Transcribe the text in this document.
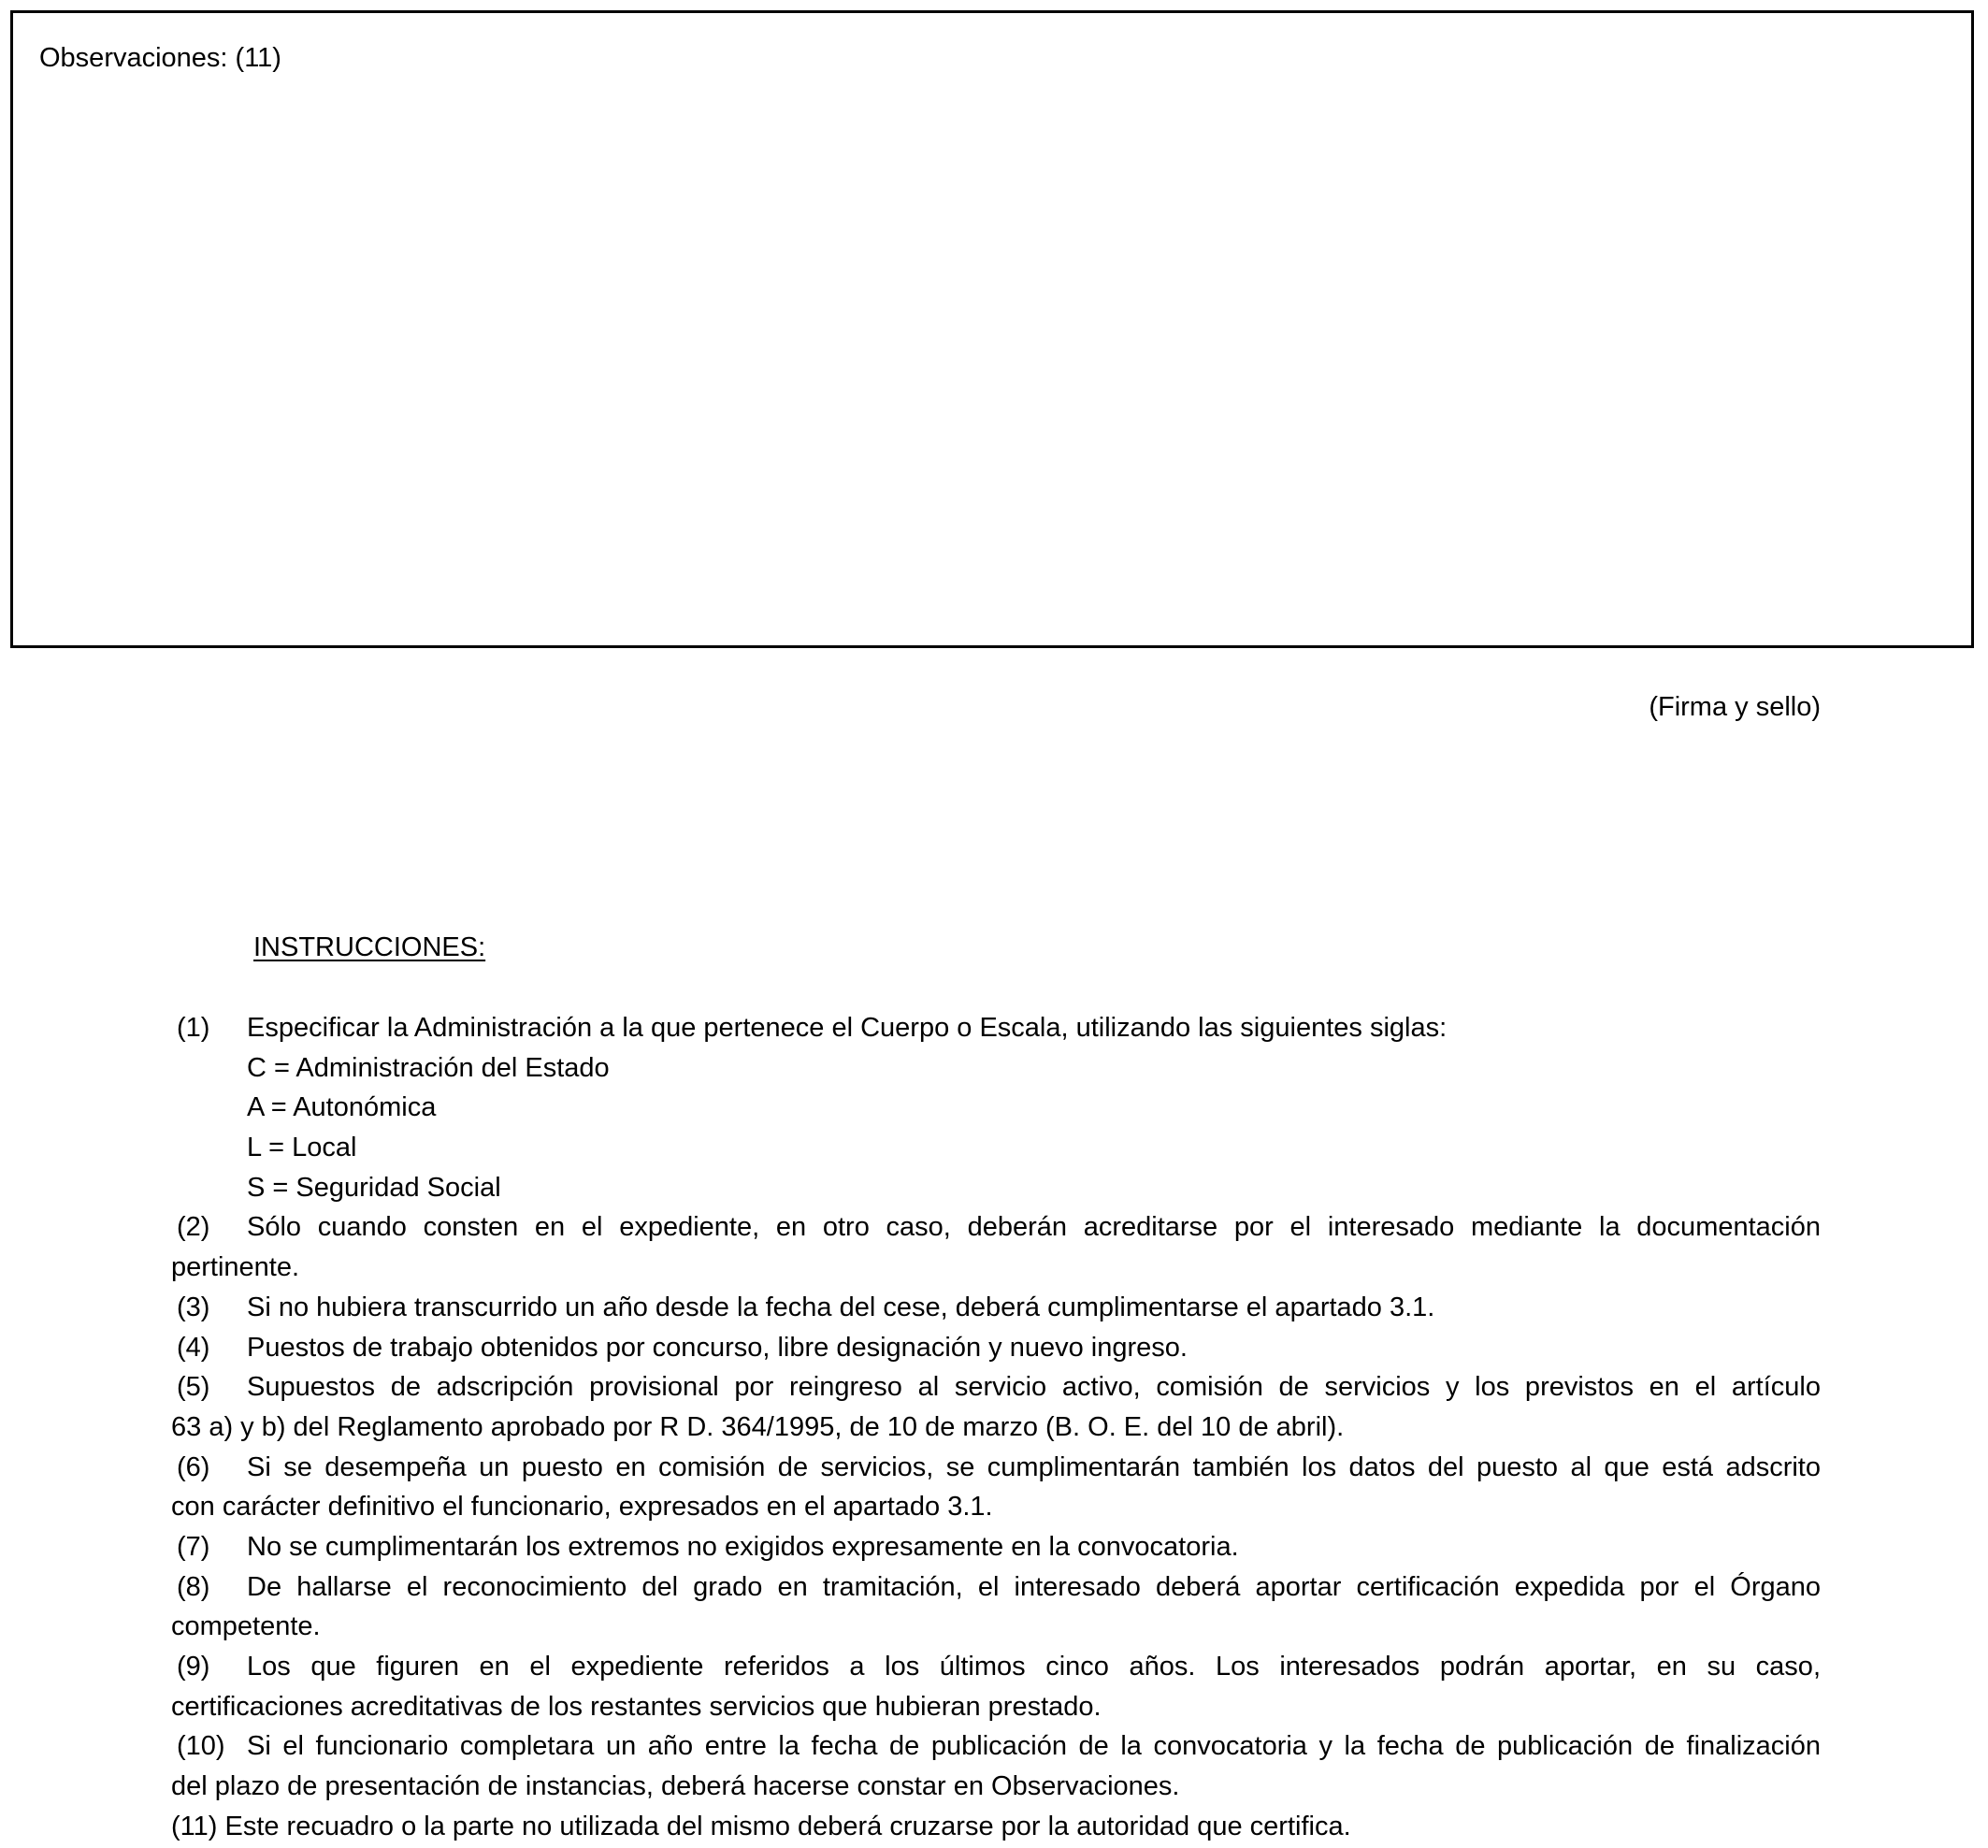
Observaciones: (11)
(Firma y sello)
INSTRUCCIONES:
(1) Especificar la Administración a la que pertenece el Cuerpo o Escala, utilizando las siguientes siglas:
C = Administración del Estado
A = Autonómica
L = Local
S = Seguridad Social
(2) Sólo cuando consten en el expediente, en otro caso, deberán acreditarse por el interesado mediante la documentación
pertinente.
(3) Si no hubiera transcurrido un año desde la fecha del cese, deberá cumplimentarse el apartado 3.1.
(4) Puestos de trabajo obtenidos por concurso, libre designación y nuevo ingreso.
(5) Supuestos de adscripción provisional por reingreso al servicio activo, comisión de servicios y los previstos en el artículo
63 a) y b) del Reglamento aprobado por R D. 364/1995, de 10 de marzo (B. O. E. del 10 de abril).
(6) Si se desempeña un puesto en comisión de servicios, se cumplimentarán también los datos del puesto al que está adscrito
con carácter definitivo el funcionario, expresados en el apartado 3.1.
(7) No se cumplimentarán los extremos no exigidos expresamente en la convocatoria.
(8) De hallarse el reconocimiento del grado en tramitación, el interesado deberá aportar certificación expedida por el Órgano
competente.
(9) Los que figuren en el expediente referidos a los últimos cinco años. Los interesados podrán aportar, en su caso,
certificaciones acreditativas de los restantes servicios que hubieran prestado.
(10) Si el funcionario completara un año entre la fecha de publicación de la convocatoria y la fecha de publicación de finalización
del plazo de presentación de instancias, deberá hacerse constar en Observaciones.
(11) Este recuadro o la parte no utilizada del mismo deberá cruzarse por la autoridad que certifica.
